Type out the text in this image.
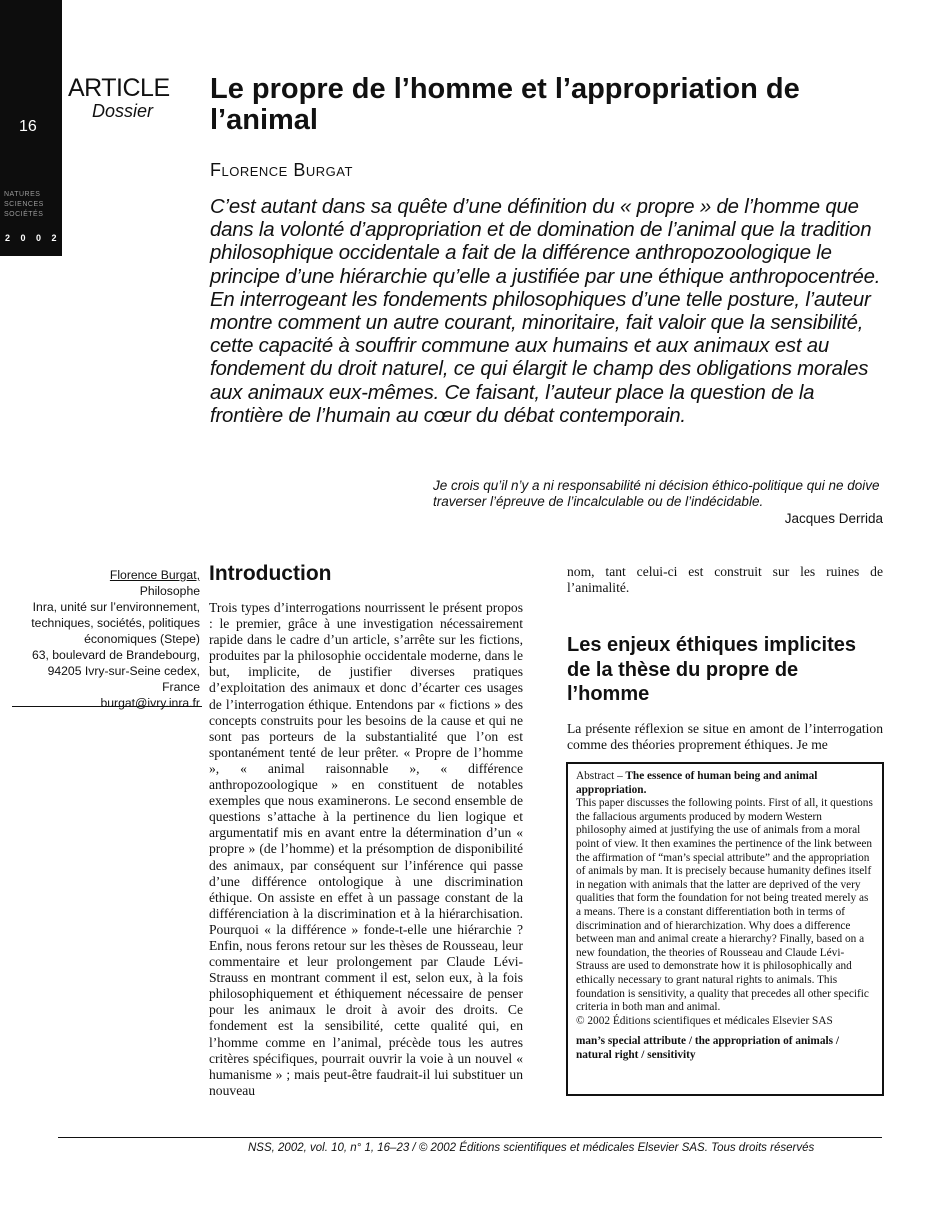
16
NATURES SCIENCES SOCIÉTÉS
2 0 0 2
ARTICLE
Dossier
Le propre de l’homme et l’appropriation de l’animal
Florence Burgat

C’est autant dans sa quête d’une définition du « propre » de l’homme que dans la volonté d’appropriation et de domination de l’animal que la tradition philosophique occidentale a fait de la différence anthropozoologique le principe d’une hiérarchie qu’elle a justifiée par une éthique anthropocentrée. En interrogeant les fondements philosophiques d’une telle posture, l’auteur montre comment un autre courant, minoritaire, fait valoir que la sensibilité, cette capacité à souffrir commune aux humains et aux animaux est au fondement du droit naturel, ce qui élargit le champ des obligations morales aux animaux eux-mêmes. Ce faisant, l’auteur place la question de la frontière de l’humain au cœur du débat contemporain.

Je crois qu’il n’y a ni responsabilité ni décision éthico-politique qui ne doive traverser l’épreuve de l’incalculable ou de l’indécidable.
Jacques Derrida
Florence Burgat,
Philosophe
Inra, unité sur l’environnement, techniques, sociétés, politiques économiques (Stepe)
63, boulevard de Brandebourg,
94205 Ivry-sur-Seine cedex,
France
burgat@ivry.inra.fr
Introduction

Trois types d’interrogations nourrissent le présent propos : le premier, grâce à une investigation nécessairement rapide dans le cadre d’un article, s’arrête sur les fictions, produites par la philosophie occidentale moderne, dans le but, implicite, de justifier diverses pratiques d’exploitation des animaux et donc d’écarter ces usages de l’interrogation éthique. Entendons par « fictions » des concepts construits pour les besoins de la cause et qui ne sont pas porteurs de la substantialité que l’on est spontanément tenté de leur prêter. « Propre de l’homme », « animal raisonnable », « différence anthropozoologique » en constituent de notables exemples que nous examinerons. Le second ensemble de questions s’attache à la pertinence du lien logique et argumentatif mis en avant entre la détermination d’un « propre » (de l’homme) et la présomption de disponibilité des animaux, par conséquent sur l’inférence qui passe d’une différence ontologique à une discrimination éthique. On assiste en effet à un passage constant de la différenciation à la discrimination et à la hiérarchisation. Pourquoi « la différence » fonde-t-elle une hiérarchie ? Enfin, nous ferons retour sur les thèses de Rousseau, leur commentaire et leur prolongement par Claude Lévi-Strauss en montrant comment il est, selon eux, à la fois philosophiquement et éthiquement nécessaire de penser pour les animaux le droit à avoir des droits. Ce fondement est la sensibilité, cette qualité qui, en l’homme comme en l’animal, précède tous les autres critères spécifiques, pourrait ouvrir la voie à un nouvel « humanisme » ; mais peut-être faudrait-il lui substituer un nouveau

nom, tant celui-ci est construit sur les ruines de l’animalité.

Les enjeux éthiques implicites
de la thèse du propre de l’homme

La présente réflexion se situe en amont de l’interrogation comme des théories proprement éthiques. Je me

Abstract – The essence of human being and animal appropriation.
This paper discusses the following points. First of all, it questions the fallacious arguments produced by modern Western philosophy aimed at justifying the use of animals from a moral point of view. It then examines the pertinence of the link between the affirmation of “man’s special attribute” and the appropriation of animals by man. It is precisely because humanity defines itself in negation with animals that the latter are deprived of the very qualities that form the foundation for not being treated merely as a means. There is a constant differentiation both in terms of discrimination and of hierarchization. Why does a difference between man and animal create a hierarchy? Finally, based on a new foundation, the theories of Rousseau and Claude Lévi-Strauss are used to demonstrate how it is philosophically and ethically necessary to grant natural rights to animals. This foundation is sensitivity, a quality that precedes all other specific criteria in both man and animal.
© 2002 Éditions scientifiques et médicales Elsevier SAS
man’s special attribute / the appropriation of animals / natural right / sensitivity
NSS, 2002, vol. 10, n° 1, 16–23 / © 2002 Éditions scientifiques et médicales Elsevier SAS. Tous droits réservés
